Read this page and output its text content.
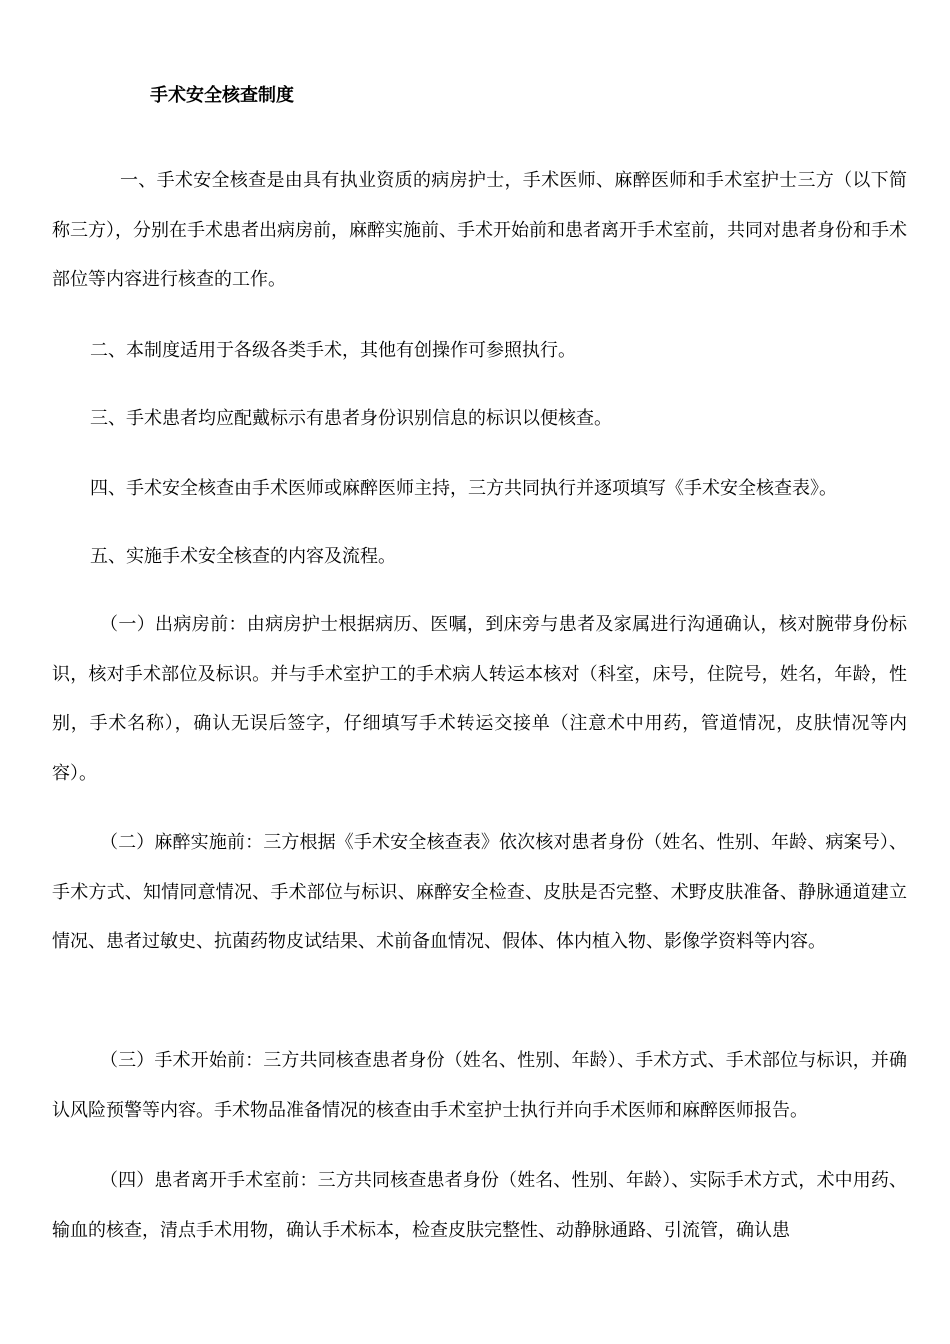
手术安全核查制度
一、手术安全核查是由具有执业资质的病房护士，手术医师、麻醉医师和手术室护士三方（以下简称三方），分别在手术患者出病房前，麻醉实施前、手术开始前和患者离开手术室前，共同对患者身份和手术部位等内容进行核查的工作。
二、本制度适用于各级各类手术，其他有创操作可参照执行。
三、手术患者均应配戴标示有患者身份识别信息的标识以便核查。
四、手术安全核查由手术医师或麻醉医师主持，三方共同执行并逐项填写《手术安全核查表》。
五、实施手术安全核查的内容及流程。
（一）出病房前：由病房护士根据病历、医嘱，到床旁与患者及家属进行沟通确认，核对腕带身份标识，核对手术部位及标识。并与手术室护工的手术病人转运本核对（科室，床号，住院号，姓名，年龄，性别，手术名称），确认无误后签字，仔细填写手术转运交接单（注意术中用药，管道情况，皮肤情况等内容）。
（二）麻醉实施前：三方根据《手术安全核查表》依次核对患者身份（姓名、性别、年龄、病案号）、手术方式、知情同意情况、手术部位与标识、麻醉安全检查、皮肤是否完整、术野皮肤准备、静脉通道建立情况、患者过敏史、抗菌药物皮试结果、术前备血情况、假体、体内植入物、影像学资料等内容。
（三）手术开始前：三方共同核查患者身份（姓名、性别、年龄）、手术方式、手术部位与标识，并确认风险预警等内容。手术物品准备情况的核查由手术室护士执行并向手术医师和麻醉医师报告。
（四）患者离开手术室前：三方共同核查患者身份（姓名、性别、年龄）、实际手术方式，术中用药、输血的核查，清点手术用物，确认手术标本，检查皮肤完整性、动静脉通路、引流管，确认患
